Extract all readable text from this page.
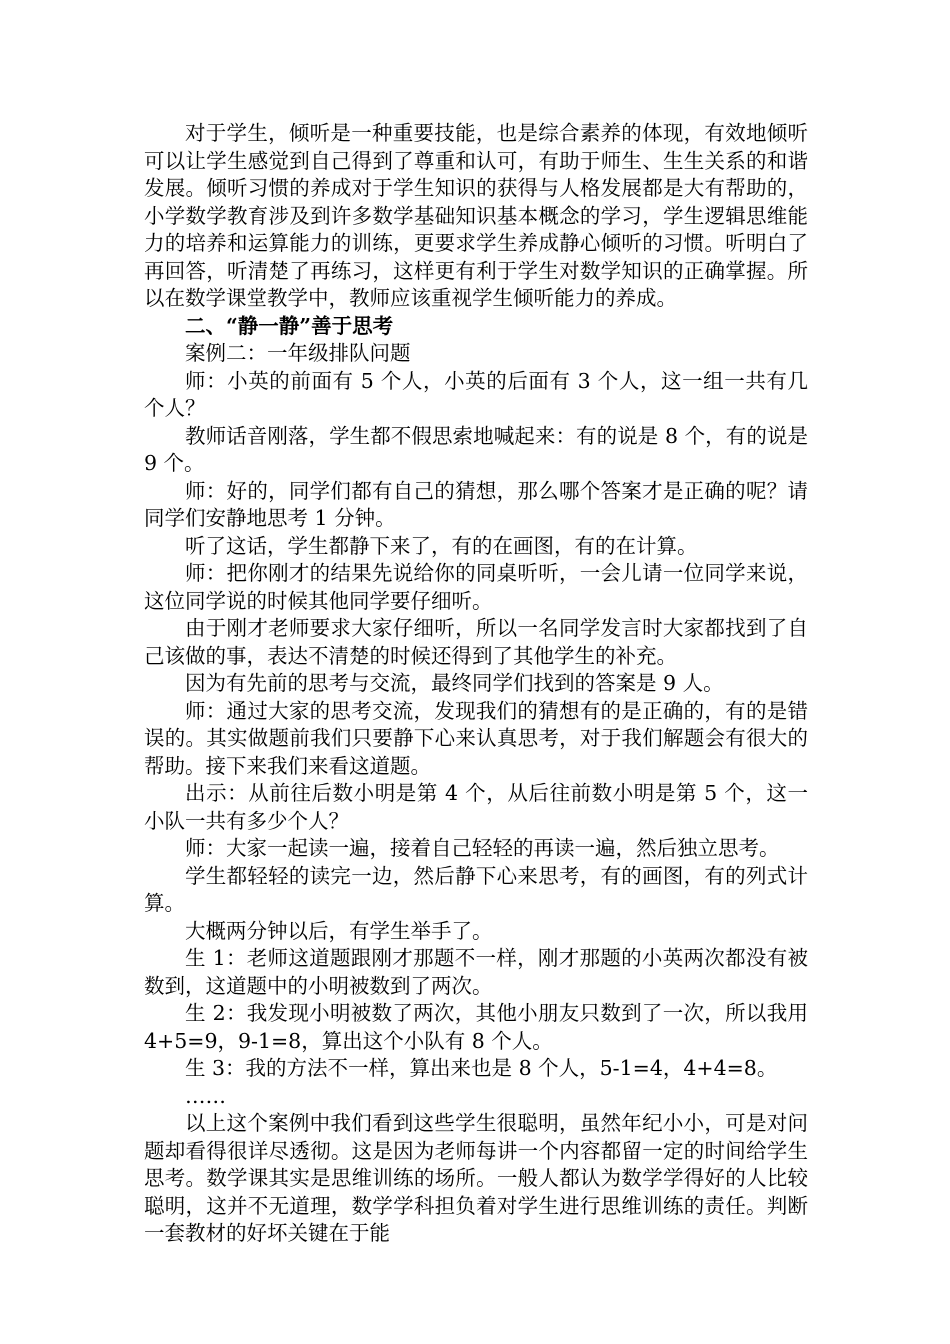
对于学生，倾听是一种重要技能，也是综合素养的体现，有效地倾听可以让学生感觉到自己得到了尊重和认可，有助于师生、生生关系的和谐发展。倾听习惯的养成对于学生知识的获得与人格发展都是大有帮助的，小学数学教育涉及到许多数学基础知识基本概念的学习，学生逻辑思维能力的培养和运算能力的训练，更要求学生养成静心倾听的习惯。听明白了再回答，听清楚了再练习，这样更有利于学生对数学知识的正确掌握。所以在数学课堂教学中，教师应该重视学生倾听能力的养成。

二、“静一静”善于思考

案例二：一年级排队问题

师：小英的前面有 5 个人，小英的后面有 3 个人，这一组一共有几个人？

教师话音刚落，学生都不假思索地喊起来：有的说是 8 个，有的说是 9 个。

师：好的，同学们都有自己的猜想，那么哪个答案才是正确的呢？请同学们安静地思考 1 分钟。

听了这话，学生都静下来了，有的在画图，有的在计算。

师：把你刚才的结果先说给你的同桌听听，一会儿请一位同学来说，这位同学说的时候其他同学要仔细听。

由于刚才老师要求大家仔细听，所以一名同学发言时大家都找到了自己该做的事，表达不清楚的时候还得到了其他学生的补充。

因为有先前的思考与交流，最终同学们找到的答案是 9 人。

师：通过大家的思考交流，发现我们的猜想有的是正确的，有的是错误的。其实做题前我们只要静下心来认真思考，对于我们解题会有很大的帮助。接下来我们来看这道题。

出示：从前往后数小明是第 4 个，从后往前数小明是第 5 个，这一小队一共有多少个人？

师：大家一起读一遍，接着自己轻轻的再读一遍，然后独立思考。

学生都轻轻的读完一边，然后静下心来思考，有的画图，有的列式计算。

大概两分钟以后，有学生举手了。

生 1：老师这道题跟刚才那题不一样，刚才那题的小英两次都没有被数到，这道题中的小明被数到了两次。

生 2：我发现小明被数了两次，其他小朋友只数到了一次，所以我用 4+5=9，9-1=8，算出这个小队有 8 个人。

生 3：我的方法不一样，算出来也是 8 个人，5-1=4，4+4=8。

……

以上这个案例中我们看到这些学生很聪明，虽然年纪小小，可是对问题却看得很详尽透彻。这是因为老师每讲一个内容都留一定的时间给学生思考。数学课其实是思维训练的场所。一般人都认为数学学得好的人比较聪明，这并不无道理，数学学科担负着对学生进行思维训练的责任。判断一套教材的好坏关键在于能
